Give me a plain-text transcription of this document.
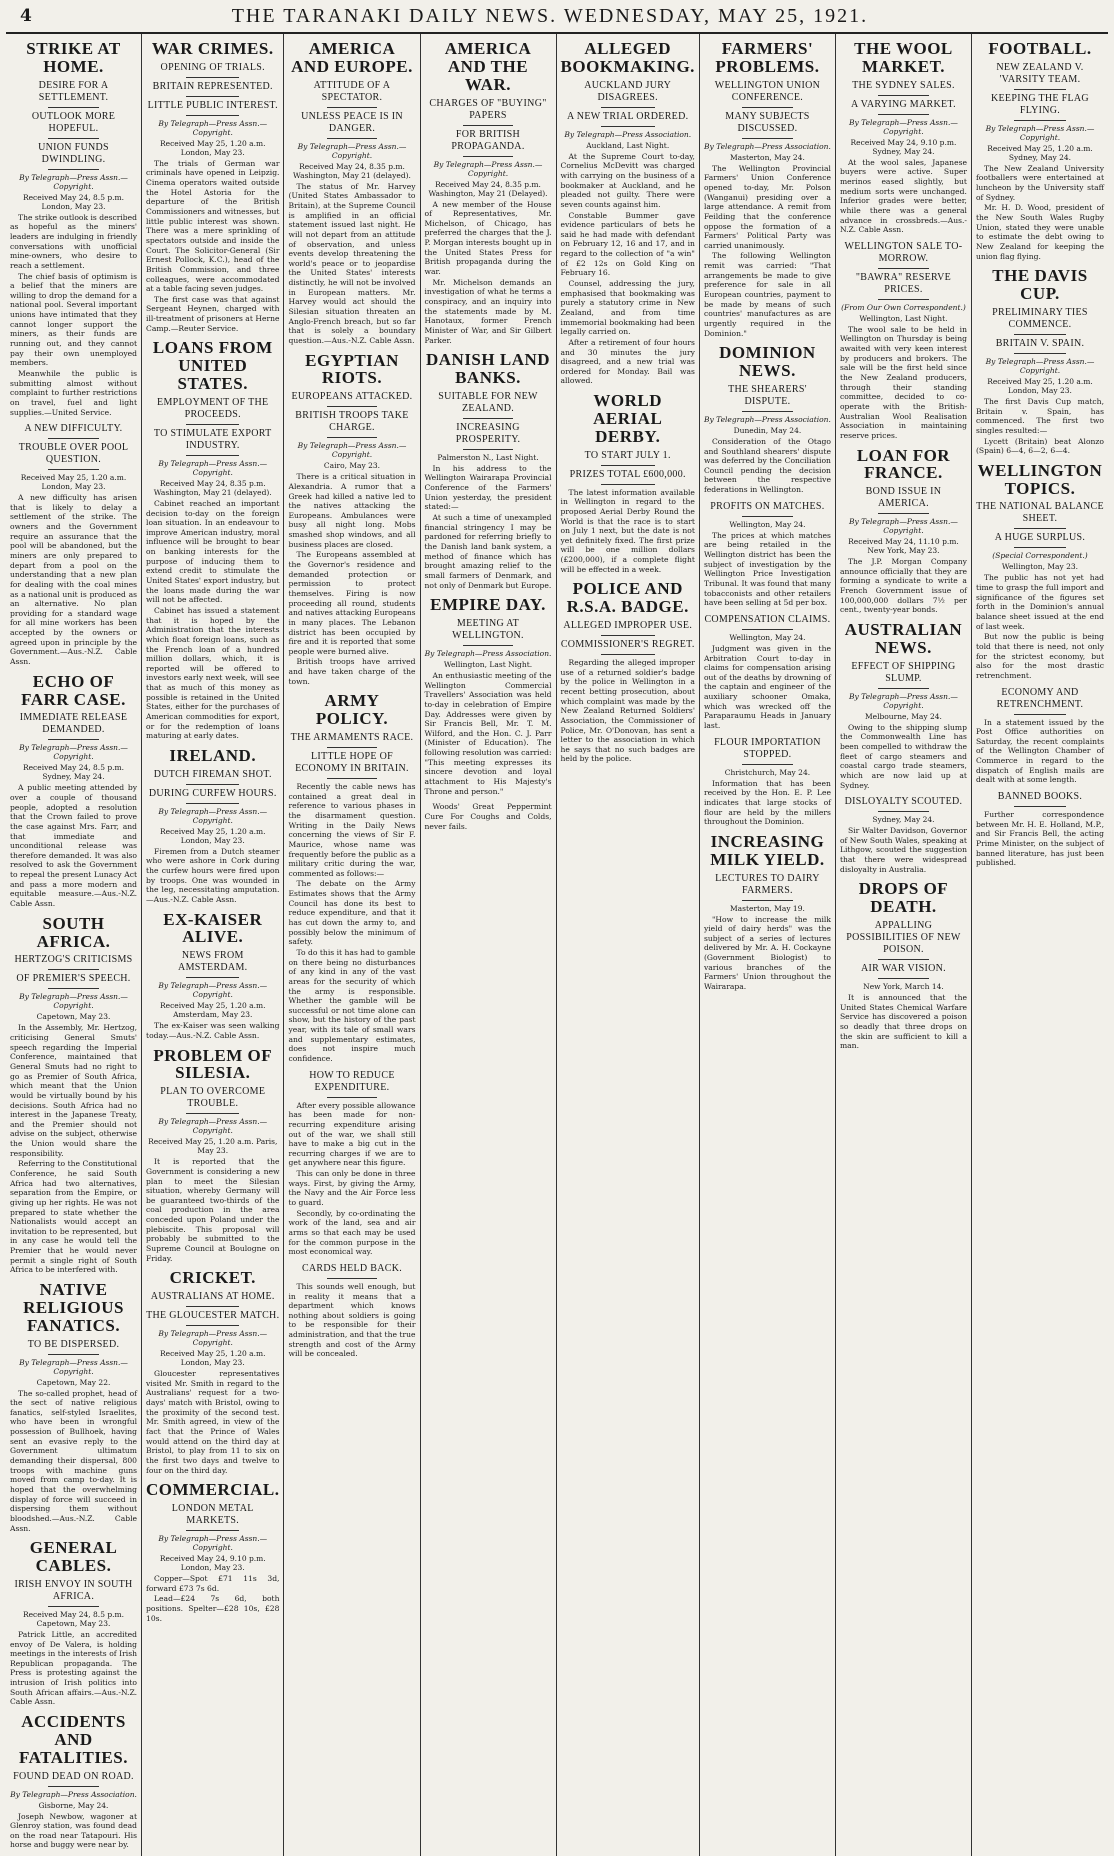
4	THE TARANAKI DAILY NEWS. WEDNESDAY, MAY 25, 1921.
STRIKE AT HOME.
DESIRE FOR A SETTLEMENT.
OUTLOOK MORE HOPEFUL.
UNION FUNDS DWINDLING.
By Telegraph—Press Assn.—Copyright.
Received May 24, 8.5 p.m. London, May 23.

The strike outlook is described as hopeful as the miners' leaders are indulging in friendly conversations with unofficial mine-owners, who desire to reach a settlement.

The chief basis of optimism is a belief that the miners are willing to drop the demand for a national pool. Several important unions have intimated that they cannot longer support the miners, as their funds are running out, and they cannot pay their own unemployed members.

Meanwhile the public is submitting almost without complaint to further restrictions on travel, fuel and light supplies.—United Service.

A NEW DIFFICULTY.
TROUBLE OVER POOL QUESTION.
Received May 25, 1.20 a.m. London, May 23.

A new difficulty has arisen that is likely to delay a settlement of the strike. The owners and the Government require an assurance that the pool will be abandoned, but the miners are only prepared to depart from a pool on the understanding that a new plan for dealing with the coal mines as a national unit is produced as an alternative. No plan providing for a standard wage for all mine workers has been accepted by the owners or agreed upon in principle by the Government.—Aus.-N.Z. Cable Assn.

ECHO OF FARR CASE.
IMMEDIATE RELEASE DEMANDED.
By Telegraph—Press Assn.—Copyright.
Received May 24, 8.5 p.m. Sydney, May 24.

A public meeting attended by over a couple of thousand people, adopted a resolution that the Crown failed to prove the case against Mrs. Farr, and that immediate and unconditional release was therefore demanded. It was also resolved to ask the Government to repeal the present Lunacy Act and pass a more modern and equitable measure.—Aus.-N.Z. Cable Assn.

SOUTH AFRICA.
HERTZOG'S CRITICISMS
OF PREMIER'S SPEECH.
By Telegraph—Press Assn.—Copyright.
Capetown, May 23.

In the Assembly, Mr. Hertzog, criticising General Smuts' speech regarding the Imperial Conference, maintained that General Smuts had no right to go as Premier of South Africa, which meant that the Union would be virtually bound by his decisions. South Africa had no interest in the Japanese Treaty, and the Premier should not advise on the subject, otherwise the Union would share the responsibility.

Referring to the Constitutional Conference, he said South Africa had two alternatives, separation from the Empire, or giving up her rights. He was not prepared to state whether the Nationalists would accept an invitation to be represented, but in any case he would tell the Premier that he would never permit a single right of South Africa to be interfered with.

NATIVE RELIGIOUS FANATICS.
TO BE DISPERSED.
By Telegraph—Press Assn.—Copyright.
Capetown, May 22.

The so-called prophet, head of the sect of native religious fanatics, self-styled Israelites, who have been in wrongful possession of Bullhoek, having sent an evasive reply to the Government ultimatum demanding their dispersal, 800 troops with machine guns moved from camp to-day. It is hoped that the overwhelming display of force will succeed in dispersing them without bloodshed.—Aus.-N.Z. Cable Assn.

GENERAL CABLES.
IRISH ENVOY IN SOUTH AFRICA.
Received May 24, 8.5 p.m. Capetown, May 23.

Patrick Little, an accredited envoy of De Valera, is holding meetings in the interests of Irish Republican propaganda. The Press is protesting against the intrusion of Irish politics into South African affairs.—Aus.-N.Z. Cable Assn.

ACCIDENTS AND FATALITIES.
FOUND DEAD ON ROAD.
By Telegraph—Press Association.
Gisborne, May 24.

Joseph Newbow, wagoner at Glenroy station, was found dead on the road near Tatapouri. His horse and buggy were near by.

WAR CRIMES.
OPENING OF TRIALS.
BRITAIN REPRESENTED.
LITTLE PUBLIC INTEREST.
By Telegraph—Press Assn.—Copyright.
Received May 25, 1.20 a.m. London, May 23.

The trials of German war criminals have opened in Leipzig. Cinema operators waited outside the Hotel Astoria for the departure of the British Commissioners and witnesses, but little public interest was shown. There was a mere sprinkling of spectators outside and inside the Court. The Solicitor-General (Sir Ernest Pollock, K.C.), head of the British Commission, and three colleagues, were accommodated at a table facing seven judges.

The first case was that against Sergeant Heynen, charged with ill-treatment of prisoners at Herne Camp.—Reuter Service.

LOANS FROM UNITED STATES.
EMPLOYMENT OF THE PROCEEDS.
TO STIMULATE EXPORT INDUSTRY.
By Telegraph—Press Assn.—Copyright.
Received May 24, 8.35 p.m. Washington, May 21 (delayed).

Cabinet reached an important decision to-day on the foreign loan situation. In an endeavour to improve American industry, moral influence will be brought to bear on banking interests for the purpose of inducing them to extend credit to stimulate the United States' export industry, but the loans made during the war will not be affected.

Cabinet has issued a statement that it is hoped by the Administration that the interests which float foreign loans, such as the French loan of a hundred million dollars, which, it is reported will be offered to investors early next week, will see that as much of this money as possible is retained in the United States, either for the purchases of American commodities for export, or for the redemption of loans maturing at early dates.

IRELAND.
DUTCH FIREMAN SHOT.
DURING CURFEW HOURS.
By Telegraph—Press Assn.—Copyright.
Received May 25, 1.20 a.m. London, May 23.

Firemen from a Dutch steamer who were ashore in Cork during the curfew hours were fired upon by troops. One was wounded in the leg, necessitating amputation.—Aus.-N.Z. Cable Assn.

EX-KAISER ALIVE.
NEWS FROM AMSTERDAM.
By Telegraph—Press Assn.—Copyright.
Received May 25, 1.20 a.m. Amsterdam, May 23.

The ex-Kaiser was seen walking today.—Aus.-N.Z. Cable Assn.

PROBLEM OF SILESIA.
PLAN TO OVERCOME TROUBLE.
By Telegraph—Press Assn.—Copyright.
Received May 25, 1.20 a.m. Paris, May 23.

It is reported that the Government is considering a new plan to meet the Silesian situation, whereby Germany will be guaranteed two-thirds of the coal production in the area conceded upon Poland under the plebiscite. This proposal will probably be submitted to the Supreme Council at Boulogne on Friday.

CRICKET.
AUSTRALIANS AT HOME.
THE GLOUCESTER MATCH.
By Telegraph—Press Assn.—Copyright.
Received May 25, 1.20 a.m. London, May 23.

Gloucester representatives visited Mr. Smith in regard to the Australians' request for a two-days' match with Bristol, owing to the proximity of the second test. Mr. Smith agreed, in view of the fact that the Prince of Wales would attend on the third day at Bristol, to play from 11 to six on the first two days and twelve to four on the third day.

COMMERCIAL.
LONDON METAL MARKETS.
By Telegraph—Press Assn.—Copyright.
Received May 24, 9.10 p.m. London, May 23.

Copper—Spot £71 11s 3d, forward £73 7s 6d.

Lead—£24 7s 6d, both positions. Spelter—£28 10s, £28 10s.

AMERICA AND EUROPE.
ATTITUDE OF A SPECTATOR.
UNLESS PEACE IS IN DANGER.
By Telegraph—Press Assn.—Copyright.
Received May 24, 8.35 p.m. Washington, May 21 (delayed).

The status of Mr. Harvey (United States Ambassador to Britain), at the Supreme Council is amplified in an official statement issued last night. He will not depart from an attitude of observation, and unless events develop threatening the world's peace or to jeopardise the United States' interests distinctly, he will not be involved in European matters. Mr. Harvey would act should the Silesian situation threaten an Anglo-French breach, but so far that is solely a boundary question.—Aus.-N.Z. Cable Assn.

EGYPTIAN RIOTS.
EUROPEANS ATTACKED.
BRITISH TROOPS TAKE CHARGE.
By Telegraph—Press Assn.—Copyright.
Cairo, May 23.

There is a critical situation in Alexandria. A rumor that a Greek had killed a native led to the natives attacking the Europeans. Ambulances were busy all night long. Mobs smashed shop windows, and all business places are closed.

The Europeans assembled at the Governor's residence and demanded protection or permission to protect themselves. Firing is now proceeding all round, students and natives attacking Europeans in many places. The Lebanon district has been occupied by fire and it is reported that some people were burned alive.

British troops have arrived and have taken charge of the town.

ARMY POLICY.
THE ARMAMENTS RACE.
LITTLE HOPE OF ECONOMY IN BRITAIN.

Recently the cable news has contained a great deal in reference to various phases in the disarmament question. Writing in the Daily News concerning the views of Sir F. Maurice, whose name was frequently before the public as a military critic during the war, commented as follows:—

The debate on the Army Estimates shows that the Army Council has done its best to reduce expenditure, and that it has cut down the army to, and possibly below the minimum of safety.

To do this it has had to gamble on there being no disturbances of any kind in any of the vast areas for the security of which the army is responsible. Whether the gamble will be successful or not time alone can show, but the history of the past year, with its tale of small wars and supplementary estimates, does not inspire much confidence.

HOW TO REDUCE EXPENDITURE.

After every possible allowance has been made for non-recurring expenditure arising out of the war, we shall still have to make a big cut in the recurring charges if we are to get anywhere near this figure.

This can only be done in three ways. First, by giving the Army, the Navy and the Air Force less to guard.

Secondly, by co-ordinating the work of the land, sea and air arms so that each may be used for the common purpose in the most economical way.

CARDS HELD BACK.

This sounds well enough, but in reality it means that a department which knows nothing about soldiers is going to be responsible for their administration, and that the true strength and cost of the Army will be concealed.

AMERICA AND THE WAR.
CHARGES OF "BUYING" PAPERS
FOR BRITISH PROPAGANDA.
By Telegraph—Press Assn.—Copyright.
Received May 24, 8.35 p.m. Washington, May 21 (Delayed).

A new member of the House of Representatives, Mr. Michelson, of Chicago, has preferred the charges that the J. P. Morgan interests bought up in the United States Press for British propaganda during the war.

Mr. Michelson demands an investigation of what he terms a conspiracy, and an inquiry into the statements made by M. Hanotaux, former French Minister of War, and Sir Gilbert Parker.

DANISH LAND BANKS.
SUITABLE FOR NEW ZEALAND.
INCREASING PROSPERITY.
Palmerston N., Last Night.

In his address to the Wellington Wairarapa Provincial Conference of the Farmers' Union yesterday, the president stated:—

At such a time of unexampled financial stringency I may be pardoned for referring briefly to the Danish land bank system, a method of finance which has brought amazing relief to the small farmers of Denmark, and not only of Denmark but Europe.

EMPIRE DAY.
MEETING AT WELLINGTON.
By Telegraph—Press Association.
Wellington, Last Night.

An enthusiastic meeting of the Wellington Commercial Travellers' Association was held to-day in celebration of Empire Day. Addresses were given by Sir Francis Bell, Mr. T. M. Wilford, and the Hon. C. J. Parr (Minister of Education). The following resolution was carried: "This meeting expresses its sincere devotion and loyal attachment to His Majesty's Throne and person."

Woods' Great Peppermint Cure For Coughs and Colds, never fails.

ALLEGED BOOKMAKING.
AUCKLAND JURY DISAGREES.
A NEW TRIAL ORDERED.
By Telegraph—Press Association.
Auckland, Last Night.

At the Supreme Court to-day, Cornelius McDevitt was charged with carrying on the business of a bookmaker at Auckland, and he pleaded not guilty. There were seven counts against him.

Constable Bummer gave evidence particulars of bets he said he had made with defendant on February 12, 16 and 17, and in regard to the collection of "a win" of £2 12s on Gold King on February 16.

Counsel, addressing the jury, emphasised that bookmaking was purely a statutory crime in New Zealand, and from time immemorial bookmaking had been legally carried on.

After a retirement of four hours and 30 minutes the jury disagreed, and a new trial was ordered for Monday. Bail was allowed.

WORLD AERIAL DERBY.
TO START JULY 1.
PRIZES TOTAL £600,000.

The latest information available in Wellington in regard to the proposed Aerial Derby Round the World is that the race is to start on July 1 next, but the date is not yet definitely fixed. The first prize will be one million dollars (£200,000), if a complete flight will be effected in a week.

POLICE AND R.S.A. BADGE.
ALLEGED IMPROPER USE.
COMMISSIONER'S REGRET.

Regarding the alleged improper use of a returned soldier's badge by the police in Wellington in a recent betting prosecution, about which complaint was made by the New Zealand Returned Soldiers' Association, the Commissioner of Police, Mr. O'Donovan, has sent a letter to the association in which he says that no such badges are held by the police.

FARMERS' PROBLEMS.
WELLINGTON UNION CONFERENCE.
MANY SUBJECTS DISCUSSED.
By Telegraph—Press Association.
Masterton, May 24.

The Wellington Provincial Farmers' Union Conference opened to-day, Mr. Polson (Wanganui) presiding over a large attendance. A remit from Feilding that the conference oppose the formation of a Farmers' Political Party was carried unanimously.

The following Wellington remit was carried: "That arrangements be made to give preference for sale in all European countries, payment to be made by means of such countries' manufactures as are urgently required in the Dominion."

DOMINION NEWS.
THE SHEARERS' DISPUTE.
By Telegraph—Press Association.
Dunedin, May 24.

Consideration of the Otago and Southland shearers' dispute was deferred by the Conciliation Council pending the decision between the respective federations in Wellington.

PROFITS ON MATCHES.
Wellington, May 24.

The prices at which matches are being retailed in the Wellington district has been the subject of investigation by the Wellington Price Investigation Tribunal. It was found that many tobacconists and other retailers have been selling at 5d per box.

COMPENSATION CLAIMS.
Wellington, May 24.

Judgment was given in the Arbitration Court to-day in claims for compensation arising out of the deaths by drowning of the captain and engineer of the auxiliary schooner Omaka, which was wrecked off the Paraparaumu Heads in January last.

FLOUR IMPORTATION STOPPED.
Christchurch, May 24.

Information that has been received by the Hon. E. P. Lee indicates that large stocks of flour are held by the millers throughout the Dominion.

INCREASING MILK YIELD.
LECTURES TO DAIRY FARMERS.
Masterton, May 19.

"How to increase the milk yield of dairy herds" was the subject of a series of lectures delivered by Mr. A. H. Cockayne (Government Biologist) to various branches of the Farmers' Union throughout the Wairarapa.

THE WOOL MARKET.
THE SYDNEY SALES.
A VARYING MARKET.
By Telegraph—Press Assn.—Copyright.
Received May 24, 9.10 p.m. Sydney, May 24.

At the wool sales, Japanese buyers were active. Super merinos eased slightly, but medium sorts were unchanged. Inferior grades were better, while there was a general advance in crossbreds.—Aus.-N.Z. Cable Assn.

WELLINGTON SALE TO-MORROW.
"BAWRA" RESERVE PRICES.
(From Our Own Correspondent.)
Wellington, Last Night.

The wool sale to be held in Wellington on Thursday is being awaited with very keen interest by producers and brokers. The sale will be the first held since the New Zealand producers, through their standing committee, decided to co-operate with the British-Australian Wool Realisation Association in maintaining reserve prices.

LOAN FOR FRANCE.
BOND ISSUE IN AMERICA.
By Telegraph—Press Assn.—Copyright.
Received May 24, 11.10 p.m. New York, May 23.

The J.P. Morgan Company announce officially that they are forming a syndicate to write a French Government issue of 100,000,000 dollars 7½ per cent., twenty-year bonds.

AUSTRALIAN NEWS.
EFFECT OF SHIPPING SLUMP.
By Telegraph—Press Assn.—Copyright.
Melbourne, May 24.

Owing to the shipping slump the Commonwealth Line has been compelled to withdraw the fleet of cargo steamers and coastal cargo trade steamers, which are now laid up at Sydney.

DISLOYALTY SCOUTED.
Sydney, May 24.

Sir Walter Davidson, Governor of New South Wales, speaking at Lithgow, scouted the suggestion that there were widespread disloyalty in Australia.

DROPS OF DEATH.
APPALLING POSSIBILITIES OF NEW POISON.
AIR WAR VISION.
New York, March 14.

It is announced that the United States Chemical Warfare Service has discovered a poison so deadly that three drops on the skin are sufficient to kill a man.

FOOTBALL.
NEW ZEALAND V. 'VARSITY TEAM.
KEEPING THE FLAG FLYING.
By Telegraph—Press Assn.—Copyright.
Received May 25, 1.20 a.m. Sydney, May 24.

The New Zealand University footballers were entertained at luncheon by the University staff of Sydney.

Mr. H. D. Wood, president of the New South Wales Rugby Union, stated they were unable to estimate the debt owing to New Zealand for keeping the union flag flying.

THE DAVIS CUP.
PRELIMINARY TIES COMMENCE.
BRITAIN V. SPAIN.
By Telegraph—Press Assn.—Copyright.
Received May 25, 1.20 a.m. London, May 23.

The first Davis Cup match, Britain v. Spain, has commenced. The first two singles resulted:—

Lycett (Britain) beat Alonzo (Spain) 6—4, 6—2, 6—4.

WELLINGTON TOPICS.
THE NATIONAL BALANCE SHEET.
A HUGE SURPLUS.
(Special Correspondent.)
Wellington, May 23.

The public has not yet had time to grasp the full import and significance of the figures set forth in the Dominion's annual balance sheet issued at the end of last week.

But now the public is being told that there is need, not only for the strictest economy, but also for the most drastic retrenchment.

ECONOMY AND RETRENCHMENT.

In a statement issued by the Post Office authorities on Saturday, the recent complaints of the Wellington Chamber of Commerce in regard to the dispatch of English mails are dealt with at some length.

BANNED BOOKS.

Further correspondence between Mr. H. E. Holland, M.P., and Sir Francis Bell, the acting Prime Minister, on the subject of banned literature, has just been published.
